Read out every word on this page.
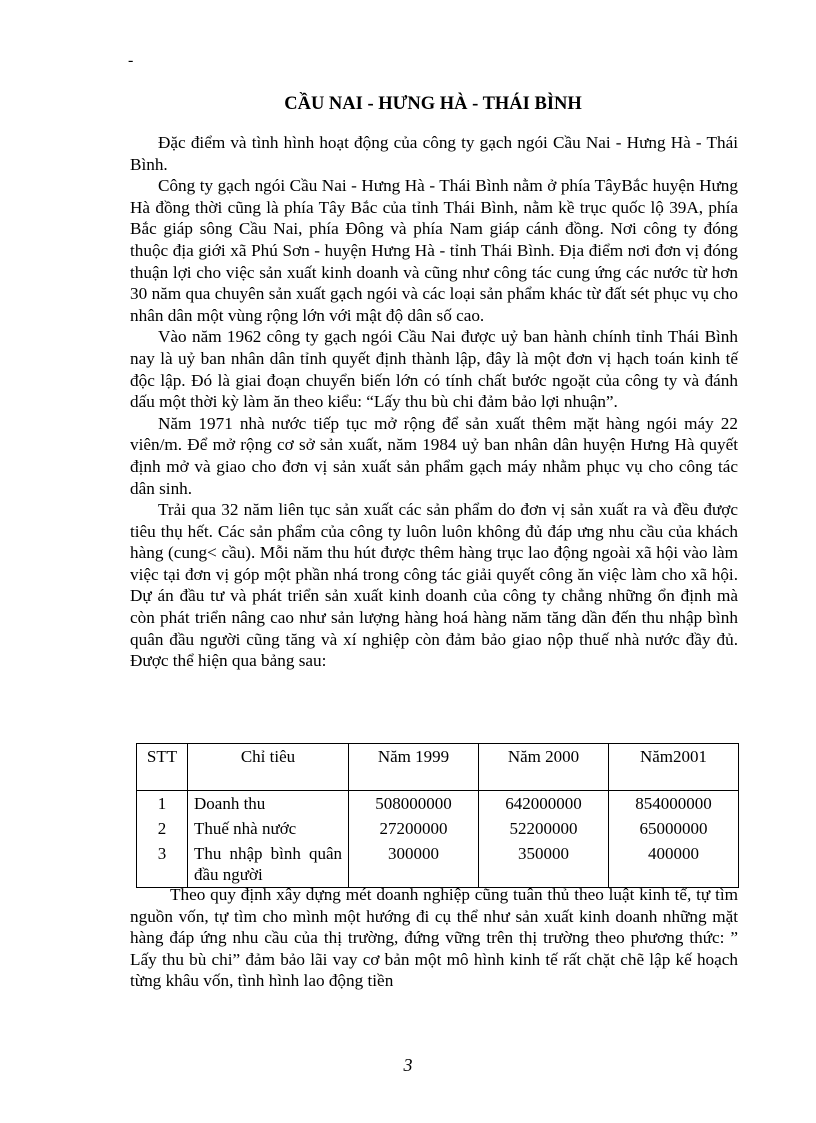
-
CẦU NAI - HƯNG HÀ - THÁI BÌNH

Đặc điểm và tình hình hoạt động của công ty gạch ngói Cầu Nai - Hưng Hà - Thái Bình.

Công ty gạch ngói Cầu Nai - Hưng Hà - Thái Bình nằm ở phía TâyBắc huyện Hưng Hà đồng thời cũng là phía Tây Bắc của tỉnh Thái Bình, nằm kề trục quốc lộ 39A, phía Bắc giáp sông Cầu Nai, phía Đông và phía Nam giáp cánh đồng. Nơi công ty đóng thuộc địa giới xã Phú Sơn - huyện Hưng Hà - tỉnh Thái Bình. Địa điểm nơi đơn vị đóng thuận lợi cho việc sản xuất kinh doanh và cũng như công tác cung ứng các nước từ hơn 30 năm qua chuyên sản xuất gạch ngói và các loại sản phẩm khác từ đất sét phục vụ cho nhân dân một vùng rộng lớn với mật độ dân số cao.

Vào năm 1962 công ty gạch ngói Cầu Nai được uỷ ban hành chính tỉnh Thái Bình nay là uỷ ban nhân dân tỉnh quyết định thành lập, đây là một đơn vị hạch toán kinh tế độc lập. Đó là giai đoạn chuyển biến lớn có tính chất bước ngoặt của công ty và đánh dấu một thời kỳ làm ăn theo kiểu: “Lấy thu bù chi đảm bảo lợi nhuận”.

Năm 1971 nhà nước tiếp tục mở rộng để sản xuất thêm mặt hàng ngói máy 22 viên/m. Để mở rộng cơ sở sản xuất, năm 1984 uỷ ban nhân dân huyện Hưng Hà quyết định mở và giao cho đơn vị sản xuất sản phẩm gạch máy nhằm phục vụ cho công tác dân sinh.

Trải qua 32 năm liên tục sản xuất các sản phẩm do đơn vị sản xuất ra và đều được tiêu thụ hết. Các sản phẩm của công ty luôn luôn không đủ đáp ưng nhu cầu của khách hàng (cung< cầu). Mỗi năm thu hút được thêm hàng trục lao động ngoài xã hội vào làm việc tại đơn vị góp một phần nhá trong công tác giải quyết công ăn việc làm cho xã hội. Dự án đầu tư và phát triển sản xuất kinh doanh của công ty chẳng những ổn định mà còn phát triển nâng cao như sản lượng hàng hoá hàng năm tăng dần đến thu nhập bình quân đầu người cũng tăng và xí nghiệp còn đảm bảo giao nộp thuế nhà nước đầy đủ. Được thể hiện qua bảng sau:

STT	Chỉ tiêu	Năm 1999	Năm 2000	Năm2001
1	Doanh thu	508000000	642000000	854000000
2	Thuế nhà nước	27200000	52200000	65000000
3	Thu nhập bình quân đầu người	300000	350000	400000

Theo quy định xây dựng mét doanh nghiệp cũng tuân thủ theo luật kinh tế, tự tìm nguồn vốn, tự tìm cho mình một hướng đi cụ thể như sản xuất kinh doanh những mặt hàng đáp ứng nhu cầu của thị trường, đứng vững trên thị trường theo phương thức: ” Lấy thu bù chi” đảm bảo lãi vay cơ bản một mô hình kinh tế rất chặt chẽ lập kế hoạch từng khâu vốn, tình hình lao động tiền

3
